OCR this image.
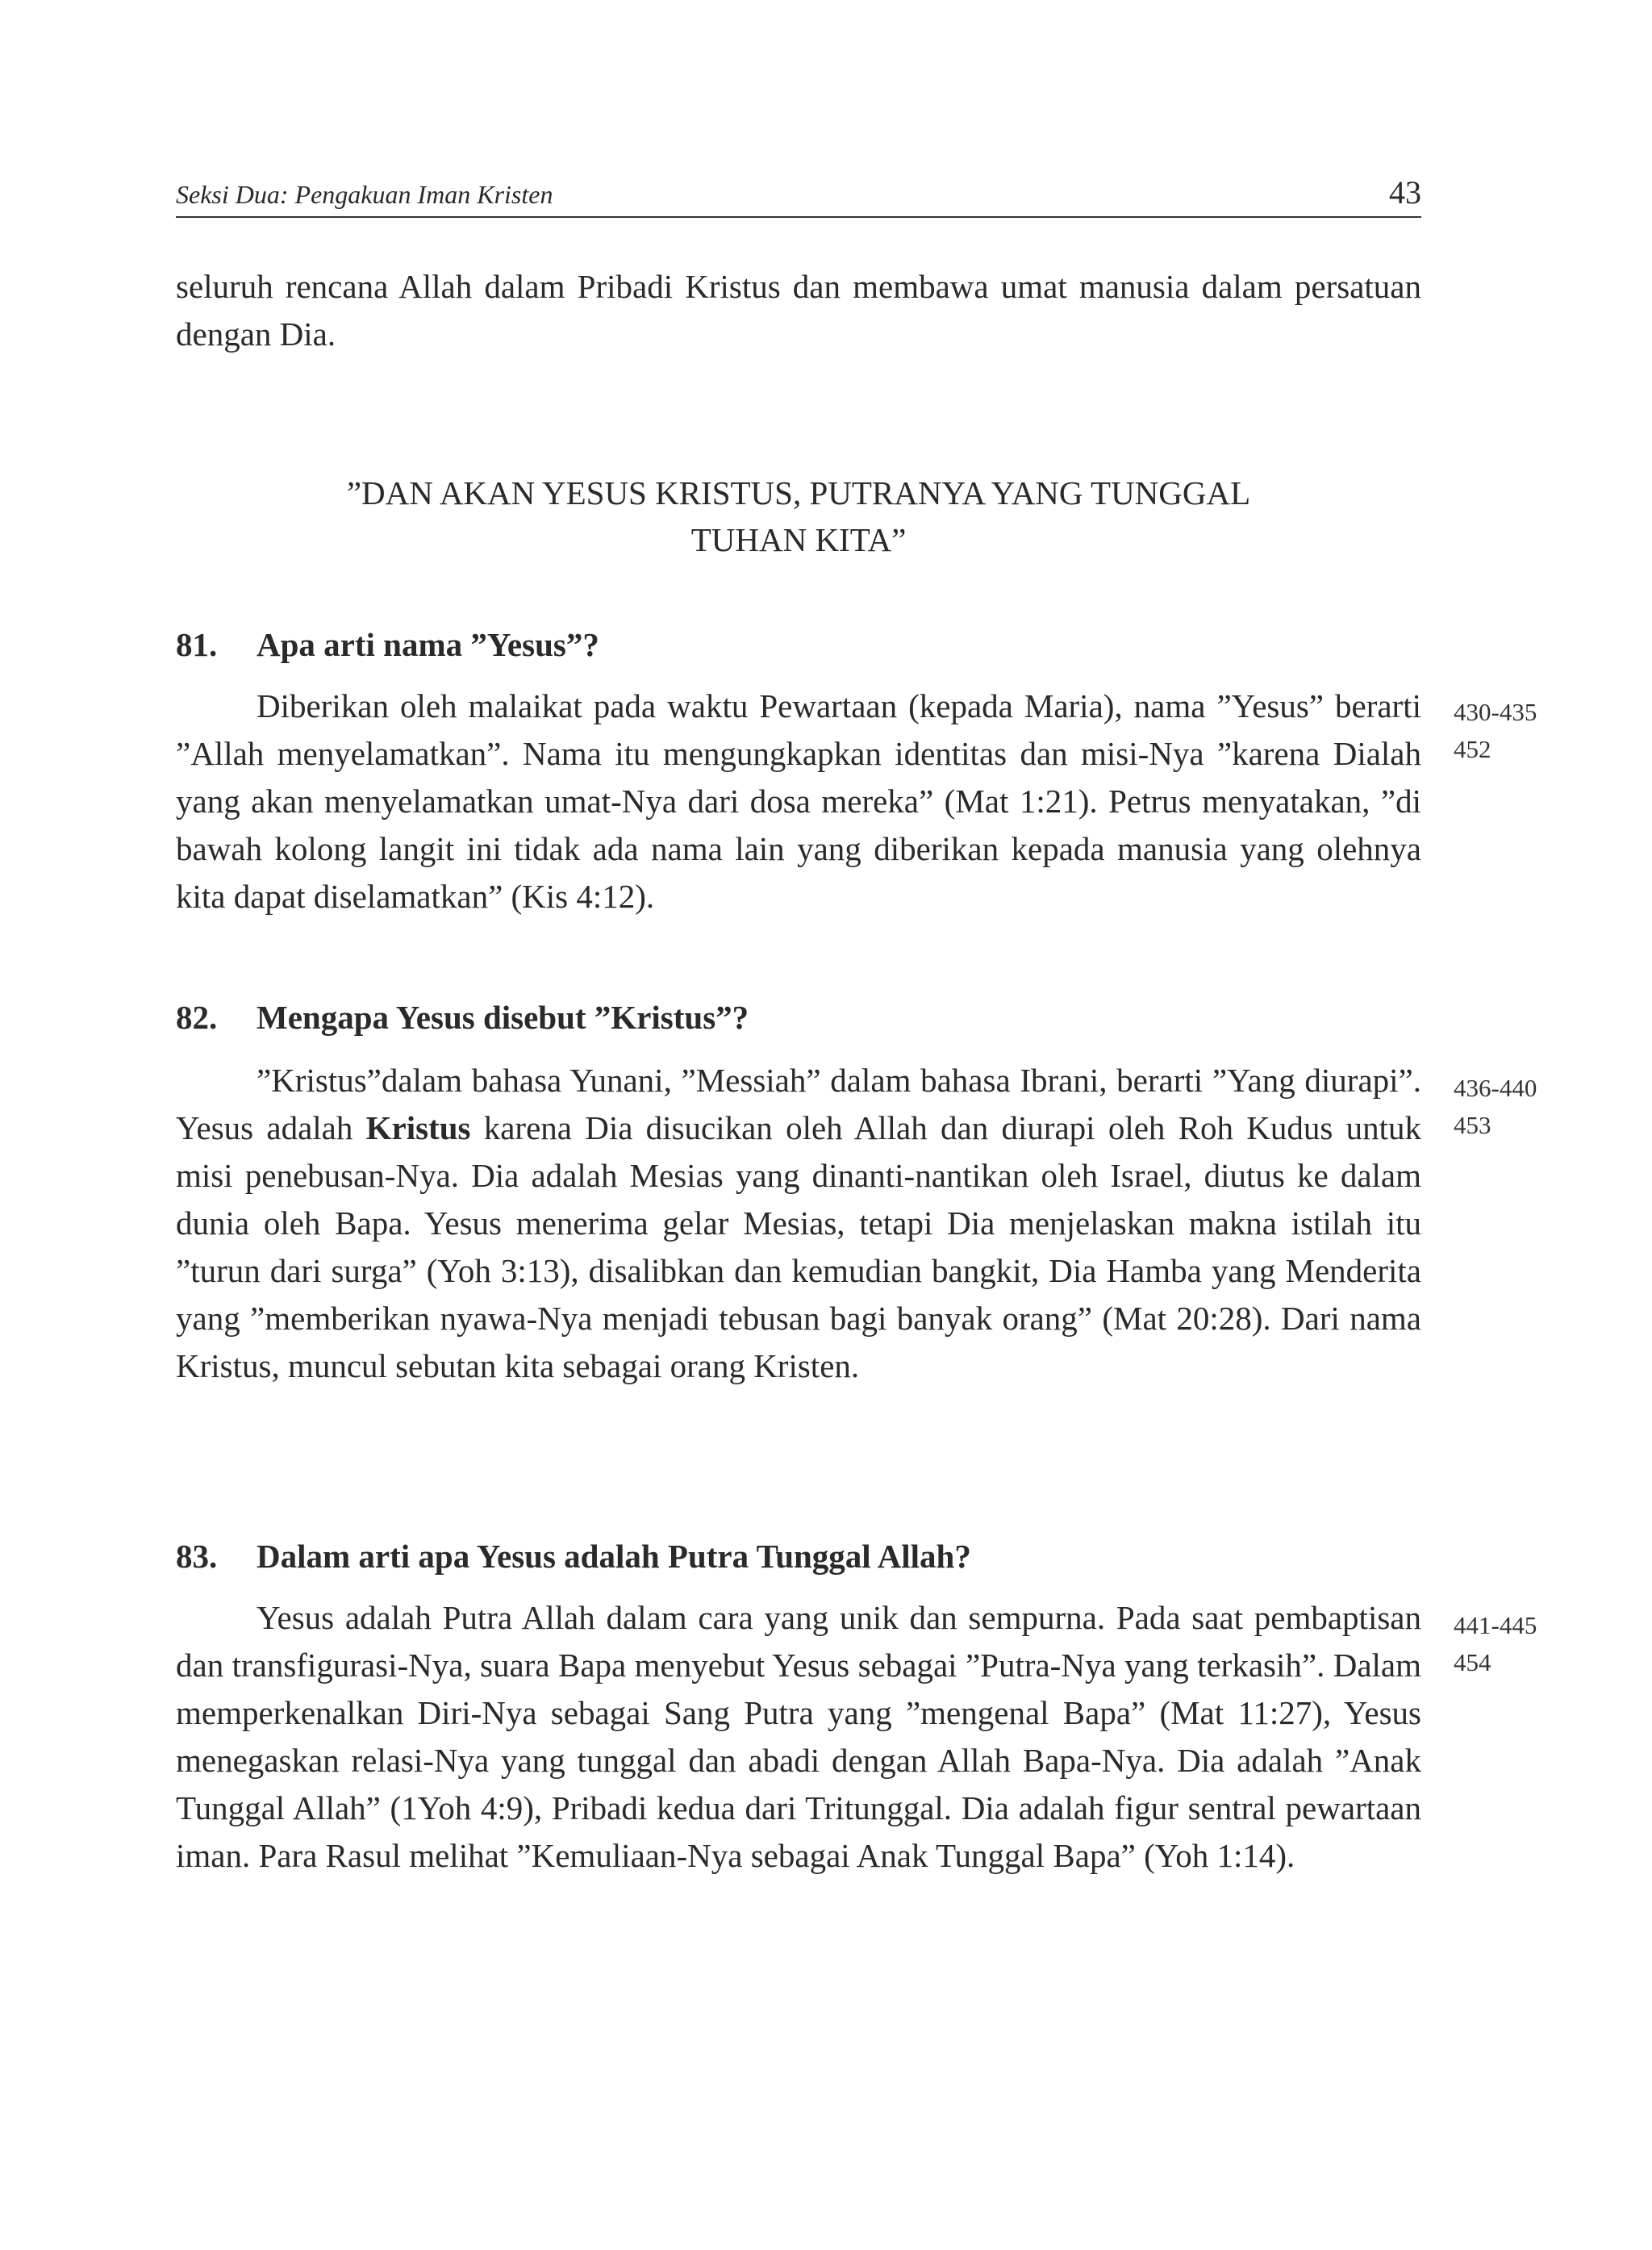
Seksi Dua: Pengakuan Iman Kristen	43

seluruh rencana Allah dalam Pribadi Kristus dan membawa umat manusia dalam persatuan dengan Dia.

”DAN AKAN YESUS KRISTUS, PUTRANYA YANG TUNGGAL
TUHAN KITA”
81. Apa arti nama ”Yesus”?

Diberikan oleh malaikat pada waktu Pewartaan (kepada Maria), nama ”Yesus” berarti ”Allah menyelamatkan”. Nama itu mengungkapkan identitas dan misi-Nya ”karena Dialah yang akan menyelamatkan umat-Nya dari dosa mereka” (Mat 1:21). Petrus menyatakan, ”di bawah kolong langit ini tidak ada nama lain yang diberikan kepada manusia yang olehnya kita dapat diselamatkan” (Kis 4:12).

430-435
452
82. Mengapa Yesus disebut ”Kristus”?

”Kristus”dalam bahasa Yunani, ”Messiah” dalam bahasa Ibrani, berarti ”Yang diurapi”. Yesus adalah Kristus karena Dia disucikan oleh Allah dan diurapi oleh Roh Kudus untuk misi penebusan-Nya. Dia adalah Mesias yang dinanti-nantikan oleh Israel, diutus ke dalam dunia oleh Bapa. Yesus menerima gelar Mesias, tetapi Dia menjelaskan makna istilah itu ”turun dari surga” (Yoh 3:13), disalibkan dan kemudian bangkit, Dia Hamba yang Menderita yang ”memberikan nyawa-Nya menjadi tebusan bagi banyak orang” (Mat 20:28). Dari nama Kristus, muncul sebutan kita sebagai orang Kristen.

436-440
453
83. Dalam arti apa Yesus adalah Putra Tunggal Allah?

Yesus adalah Putra Allah dalam cara yang unik dan sempurna. Pada saat pembaptisan dan transfigurasi-Nya, suara Bapa menyebut Yesus sebagai ”Putra-Nya yang terkasih”. Dalam memperkenalkan Diri-Nya sebagai Sang Putra yang ”mengenal Bapa” (Mat 11:27), Yesus menegaskan relasi-Nya yang tunggal dan abadi dengan Allah Bapa-Nya. Dia adalah ”Anak Tunggal Allah” (1Yoh 4:9), Pribadi kedua dari Tritunggal. Dia adalah figur sentral pewartaan iman. Para Rasul melihat ”Kemuliaan-Nya sebagai Anak Tunggal Bapa” (Yoh 1:14).

441-445
454
